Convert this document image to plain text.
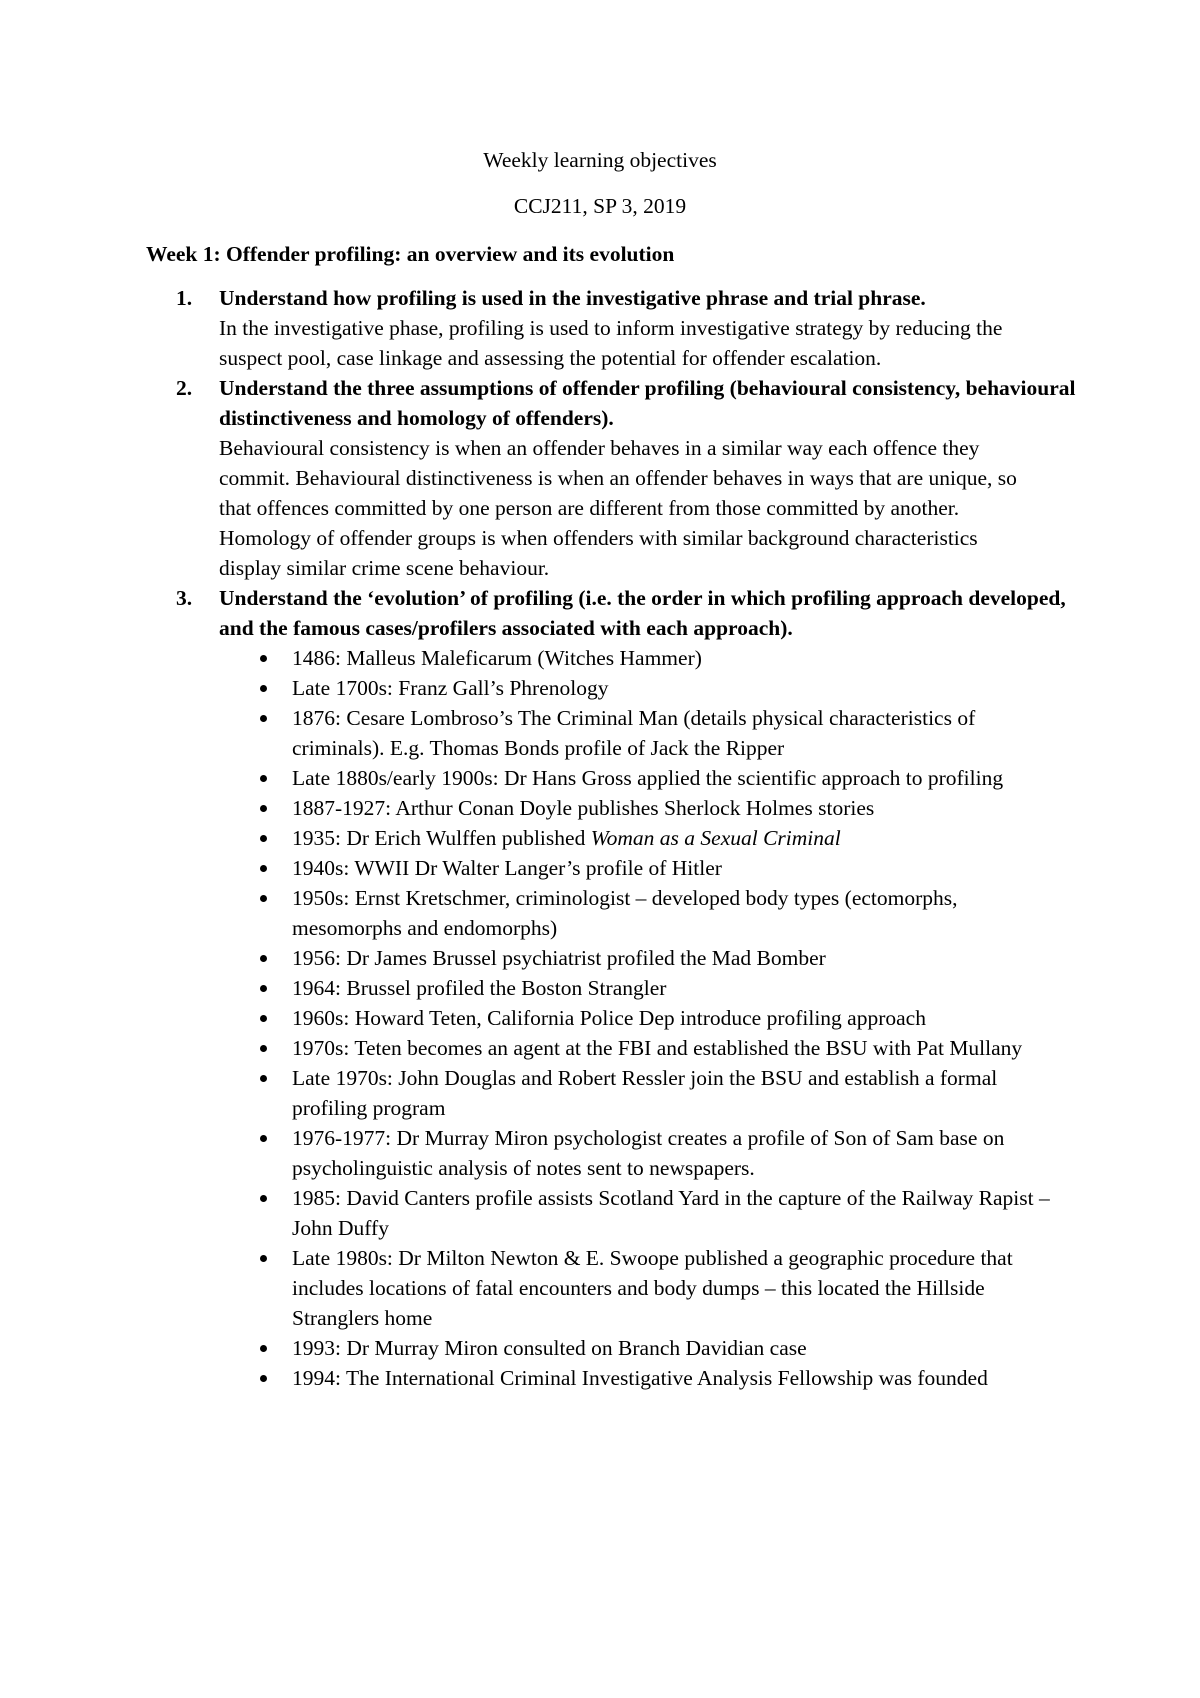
Weekly learning objectives
CCJ211, SP 3, 2019
Week 1: Offender profiling: an overview and its evolution
1. Understand how profiling is used in the investigative phrase and trial phrase.
In the investigative phase, profiling is used to inform investigative strategy by reducing the suspect pool, case linkage and assessing the potential for offender escalation.
2. Understand the three assumptions of offender profiling (behavioural consistency, behavioural distinctiveness and homology of offenders).
Behavioural consistency is when an offender behaves in a similar way each offence they commit. Behavioural distinctiveness is when an offender behaves in ways that are unique, so that offences committed by one person are different from those committed by another. Homology of offender groups is when offenders with similar background characteristics display similar crime scene behaviour.
3. Understand the ‘evolution’ of profiling (i.e. the order in which profiling approach developed, and the famous cases/profilers associated with each approach).
1486: Malleus Maleficarum (Witches Hammer)
Late 1700s: Franz Gall’s Phrenology
1876: Cesare Lombroso’s The Criminal Man (details physical characteristics of criminals). E.g. Thomas Bonds profile of Jack the Ripper
Late 1880s/early 1900s: Dr Hans Gross applied the scientific approach to profiling
1887-1927: Arthur Conan Doyle publishes Sherlock Holmes stories
1935: Dr Erich Wulffen published Woman as a Sexual Criminal
1940s: WWII Dr Walter Langer’s profile of Hitler
1950s: Ernst Kretschmer, criminologist – developed body types (ectomorphs, mesomorphs and endomorphs)
1956: Dr James Brussel psychiatrist profiled the Mad Bomber
1964: Brussel profiled the Boston Strangler
1960s: Howard Teten, California Police Dep introduce profiling approach
1970s: Teten becomes an agent at the FBI and established the BSU with Pat Mullany
Late 1970s: John Douglas and Robert Ressler join the BSU and establish a formal profiling program
1976-1977: Dr Murray Miron psychologist creates a profile of Son of Sam base on psycholinguistic analysis of notes sent to newspapers.
1985: David Canters profile assists Scotland Yard in the capture of the Railway Rapist – John Duffy
Late 1980s: Dr Milton Newton & E. Swoope published a geographic procedure that includes locations of fatal encounters and body dumps – this located the Hillside Stranglers home
1993: Dr Murray Miron consulted on Branch Davidian case
1994: The International Criminal Investigative Analysis Fellowship was founded
